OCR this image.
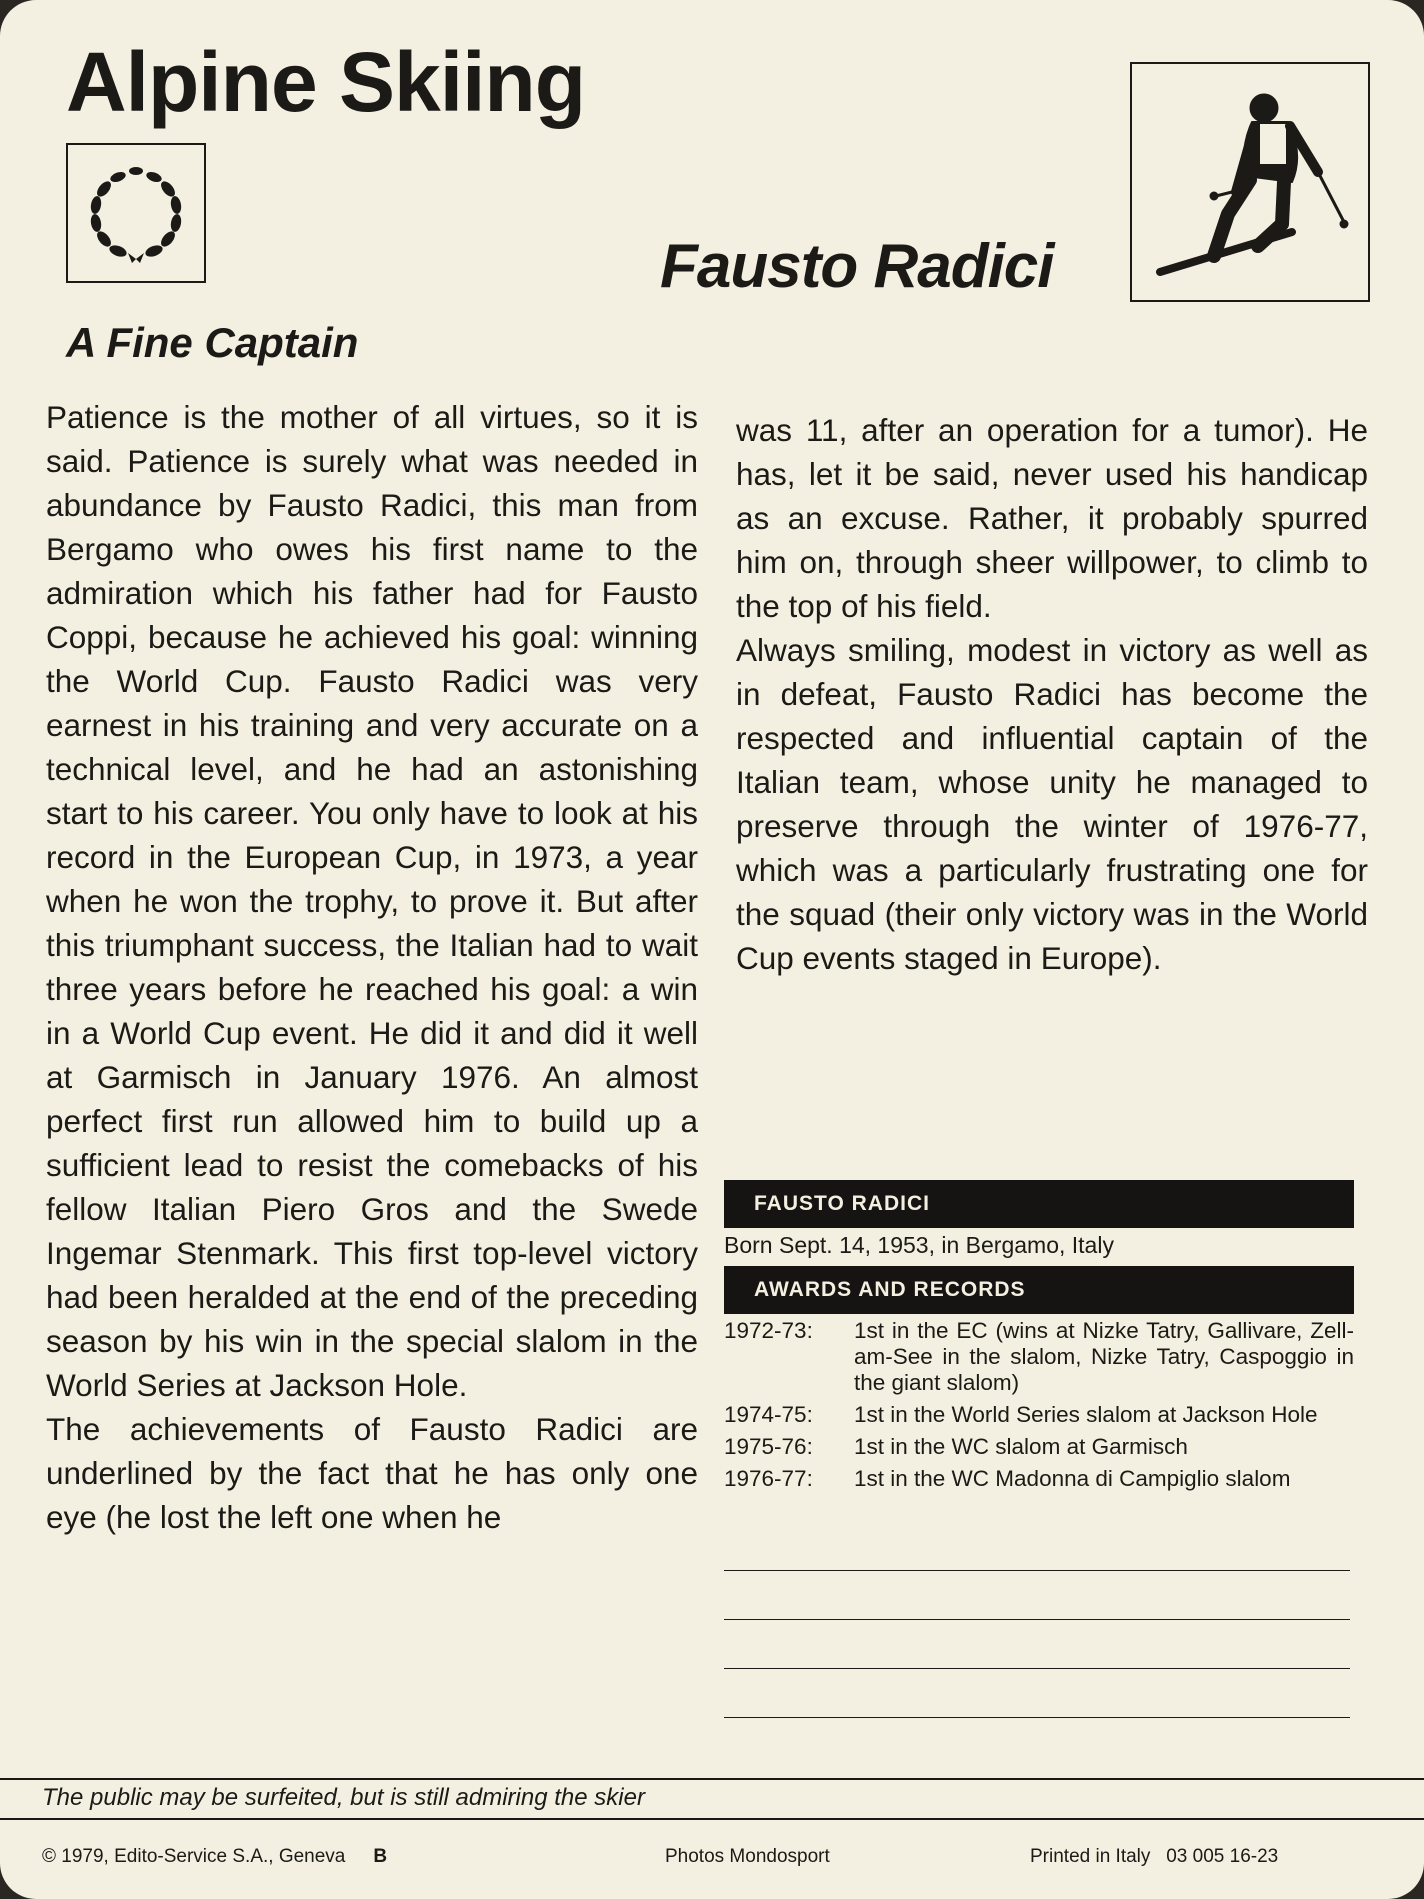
Alpine Skiing
Fausto Radici
A Fine Captain

Patience is the mother of all virtues, so it is said. Patience is surely what was needed in abundance by Fausto Radici, this man from Bergamo who owes his first name to the admiration which his father had for Fausto Coppi, because he achieved his goal: winning the World Cup. Fausto Radici was very earnest in his training and very accurate on a technical level, and he had an astonishing start to his career. You only have to look at his record in the European Cup, in 1973, a year when he won the trophy, to prove it. But after this triumphant success, the Italian had to wait three years before he reached his goal: a win in a World Cup event. He did it and did it well at Garmisch in January 1976. An almost perfect first run allowed him to build up a sufficient lead to resist the comebacks of his fellow Italian Piero Gros and the Swede Ingemar Stenmark. This first top-level victory had been heralded at the end of the preceding season by his win in the special slalom in the World Series at Jackson Hole.

The achievements of Fausto Radici are underlined by the fact that he has only one eye (he lost the left one when he

was 11, after an operation for a tumor). He has, let it be said, never used his handicap as an excuse. Rather, it probably spurred him on, through sheer willpower, to climb to the top of his field.

Always smiling, modest in victory as well as in defeat, Fausto Radici has become the respected and influential captain of the Italian team, whose unity he managed to preserve through the winter of 1976-77, which was a particularly frustrating one for the squad (their only victory was in the World Cup events staged in Europe).

FAUSTO RADICI
Born Sept. 14, 1953, in Bergamo, Italy
AWARDS AND RECORDS
1972-73:	1st in the EC (wins at Nizke Tatry, Gallivare, Zell-am-See in the slalom, Nizke Tatry, Caspoggio in the giant slalom)
1974-75:	1st in the World Series slalom at Jackson Hole
1975-76:	1st in the WC slalom at Garmisch
1976-77:	1st in the WC Madonna di Campiglio slalom
The public may be surfeited, but is still admiring the skier
© 1979, Edito-Service S.A., Geneva B	Photos Mondosport	Printed in Italy   03 005 16-23
